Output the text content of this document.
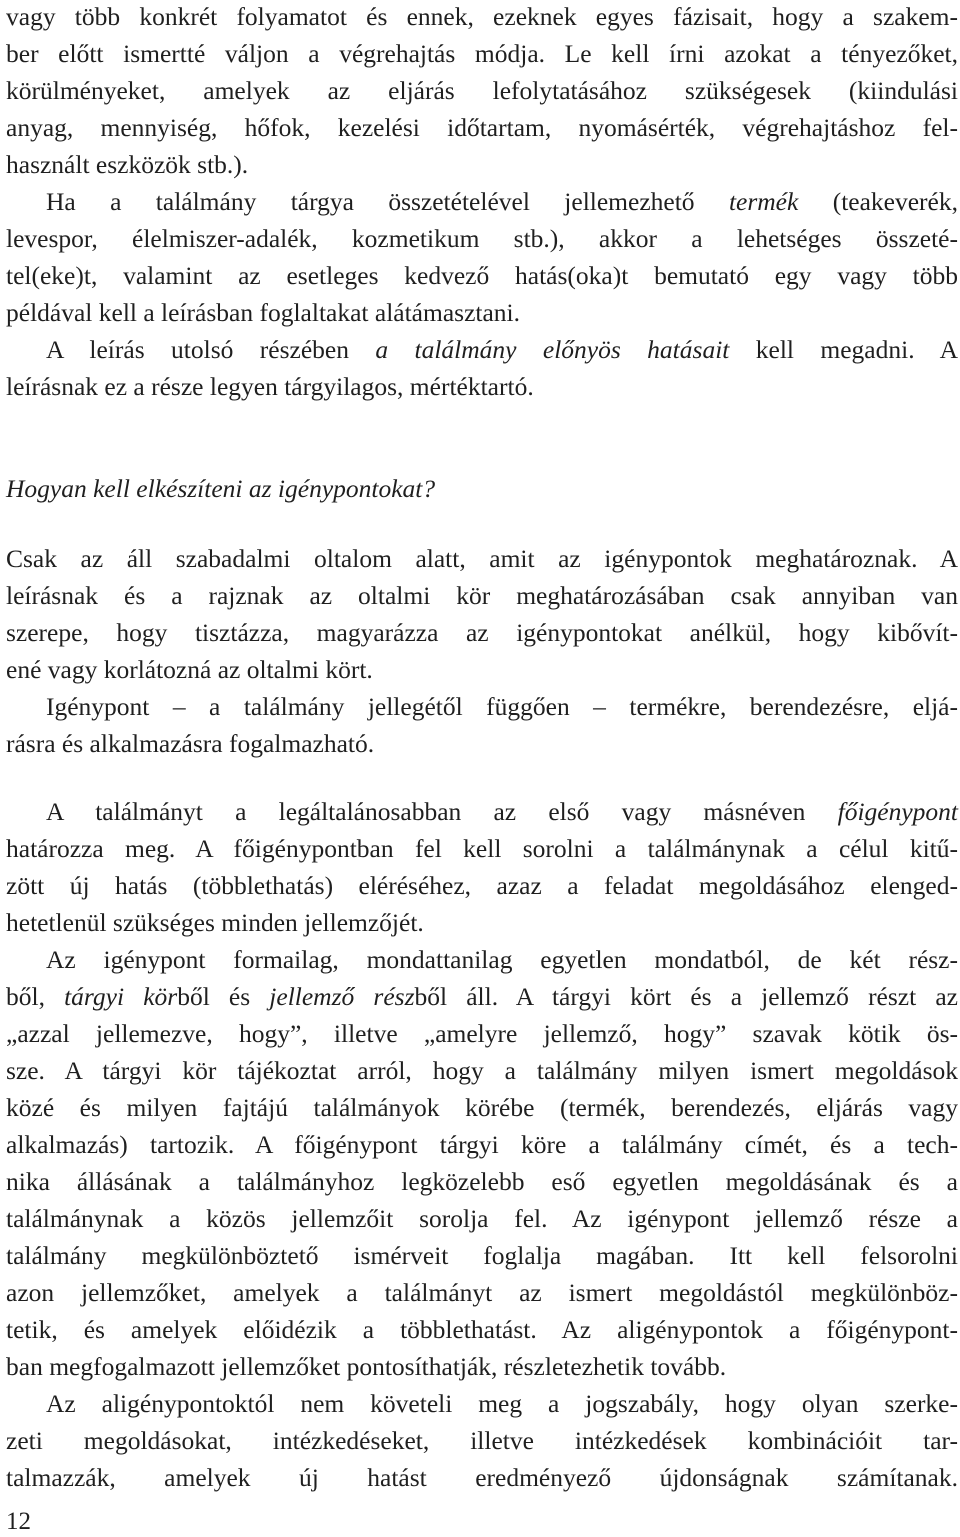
vagy több konkrét folyamatot és ennek, ezeknek egyes fázisait, hogy a szakem-
ber előtt ismertté váljon a végrehajtás módja. Le kell írni azokat a tényezőket,
körülményeket, amelyek az eljárás lefolytatásához szükségesek (kiindulási
anyag, mennyiség, hőfok, kezelési időtartam, nyomásérték, végrehajtáshoz fel-
használt eszközök stb.).
Ha a találmány tárgya összetételével jellemezhető termék (teakeverék,
levespor, élelmiszer-adalék, kozmetikum stb.), akkor a lehetséges összeté-
tel(eke)t, valamint az esetleges kedvező hatás(oka)t bemutató egy vagy több
példával kell a leírásban foglaltakat alátámasztani.
A leírás utolsó részében a találmány előnyös hatásait kell megadni. A
leírásnak ez a része legyen tárgyilagos, mértéktartó.
Hogyan kell elkészíteni az igénypontokat?
Csak az áll szabadalmi oltalom alatt, amit az igénypontok meghatároznak. A
leírásnak és a rajznak az oltalmi kör meghatározásában csak annyiban van
szerepe, hogy tisztázza, magyarázza az igénypontokat anélkül, hogy kibővít-
ené vagy korlátozná az oltalmi kört.
Igénypont – a találmány jellegétől függően – termékre, berendezésre, eljá-
rásra és alkalmazásra fogalmazható.
A találmányt a legáltalánosabban az első vagy másnéven főigénypont
határozza meg. A főigénypontban fel kell sorolni a találmánynak a célul kitű-
zött új hatás (többlethatás) eléréséhez, azaz a feladat megoldásához elenged-
hetetlenül szükséges minden jellemzőjét.
Az igénypont formailag, mondattanilag egyetlen mondatból, de két rész-
ből, tárgyi körből és jellemző részből áll. A tárgyi kört és a jellemző részt az
„azzal jellemezve, hogy”, illetve „amelyre jellemző, hogy” szavak kötik ös-
sze. A tárgyi kör tájékoztat arról, hogy a találmány milyen ismert megoldások
közé és milyen fajtájú találmányok körébe (termék, berendezés, eljárás vagy
alkalmazás) tartozik. A főigénypont tárgyi köre a találmány címét, és a tech-
nika állásának a találmányhoz legközelebb eső egyetlen megoldásának és a
találmánynak a közös jellemzőit sorolja fel. Az igénypont jellemző része a
találmány megkülönböztető ismérveit foglalja magában. Itt kell felsorolni
azon jellemzőket, amelyek a találmányt az ismert megoldástól megkülönböz-
tetik, és amelyek előidézik a többlethatást. Az aligénypontok a főigénypont-
ban megfogalmazott jellemzőket pontosíthatják, részletezhetik tovább.
Az aligénypontoktól nem követeli meg a jogszabály, hogy olyan szerke-
zeti megoldásokat, intézkedéseket, illetve intézkedések kombinációit tar-
talmazzák, amelyek új hatást eredményező újdonságnak számítanak.
12
